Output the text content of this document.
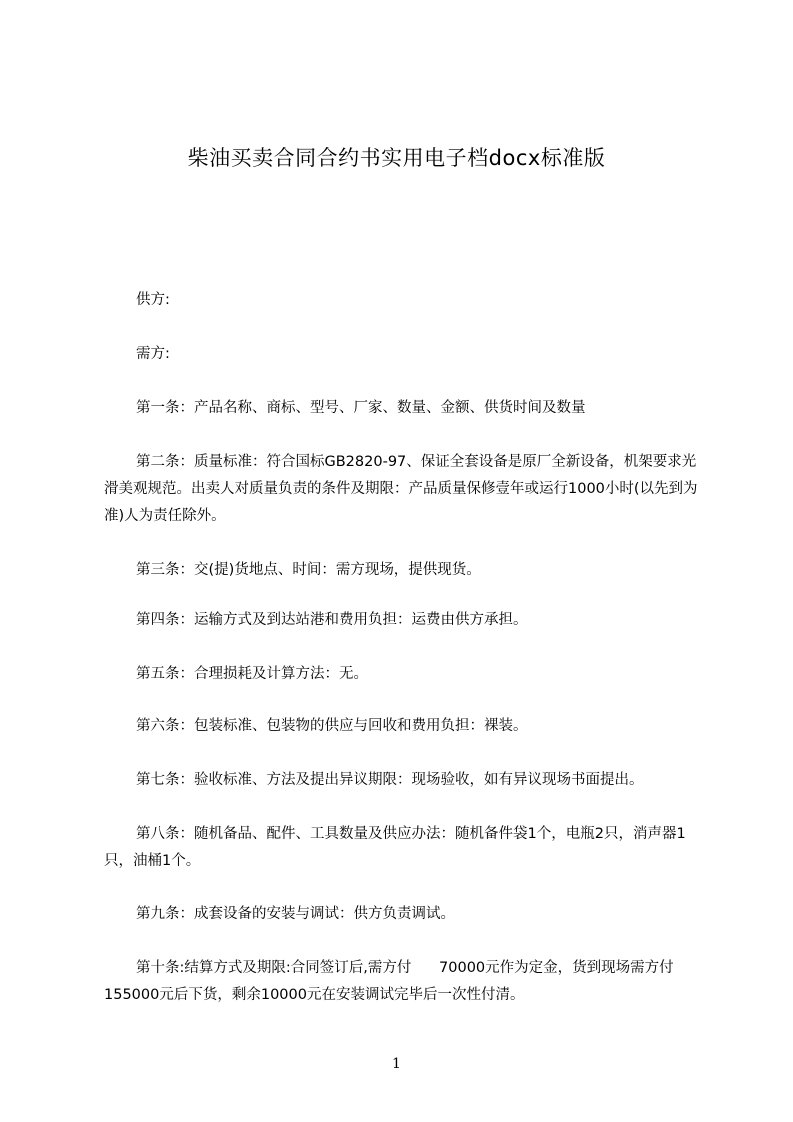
柴油买卖合同合约书实用电子档docx标准版
供方:
需方:
第一条：产品名称、商标、型号、厂家、数量、金额、供货时间及数量
第二条：质量标准：符合国标GB2820-97、保证全套设备是原厂全新设备，机架要求光滑美观规范。出卖人对质量负责的条件及期限：产品质量保修壹年或运行1000小时(以先到为准)人为责任除外。
第三条：交(提)货地点、时间：需方现场，提供现货。
第四条：运输方式及到达站港和费用负担：运费由供方承担。
第五条：合理损耗及计算方法：无。
第六条：包装标准、包装物的供应与回收和费用负担：裸装。
第七条：验收标准、方法及提出异议期限：现场验收，如有异议现场书面提出。
第八条：随机备品、配件、工具数量及供应办法：随机备件袋1个，电瓶2只，消声器1只，油桶1个。
第九条：成套设备的安装与调试：供方负责调试。
第十条:结算方式及期限:合同签订后,需方付      70000元作为定金，货到现场需方付155000元后下货，剩余10000元在安装调试完毕后一次性付清。
1
